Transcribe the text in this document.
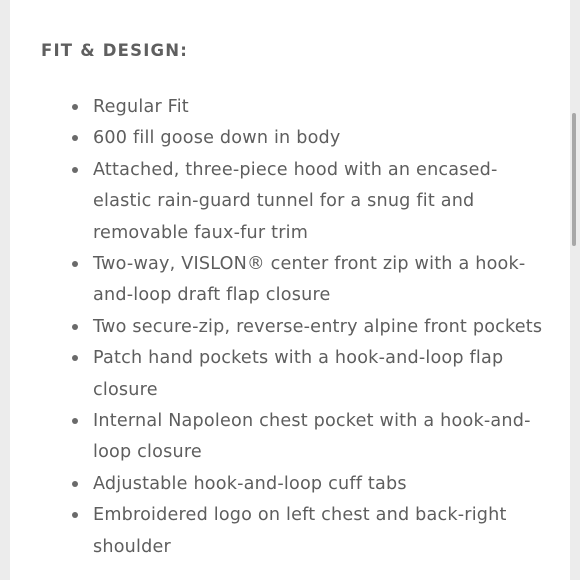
FIT & DESIGN:
Regular Fit
600 fill goose down in body
Attached, three-piece hood with an encased-elastic rain-guard tunnel for a snug fit and removable faux-fur trim
Two-way, VISLON® center front zip with a hook-and-loop draft flap closure
Two secure-zip, reverse-entry alpine front pockets
Patch hand pockets with a hook-and-loop flap closure
Internal Napoleon chest pocket with a hook-and-loop closure
Adjustable hook-and-loop cuff tabs
Embroidered logo on left chest and back-right shoulder
